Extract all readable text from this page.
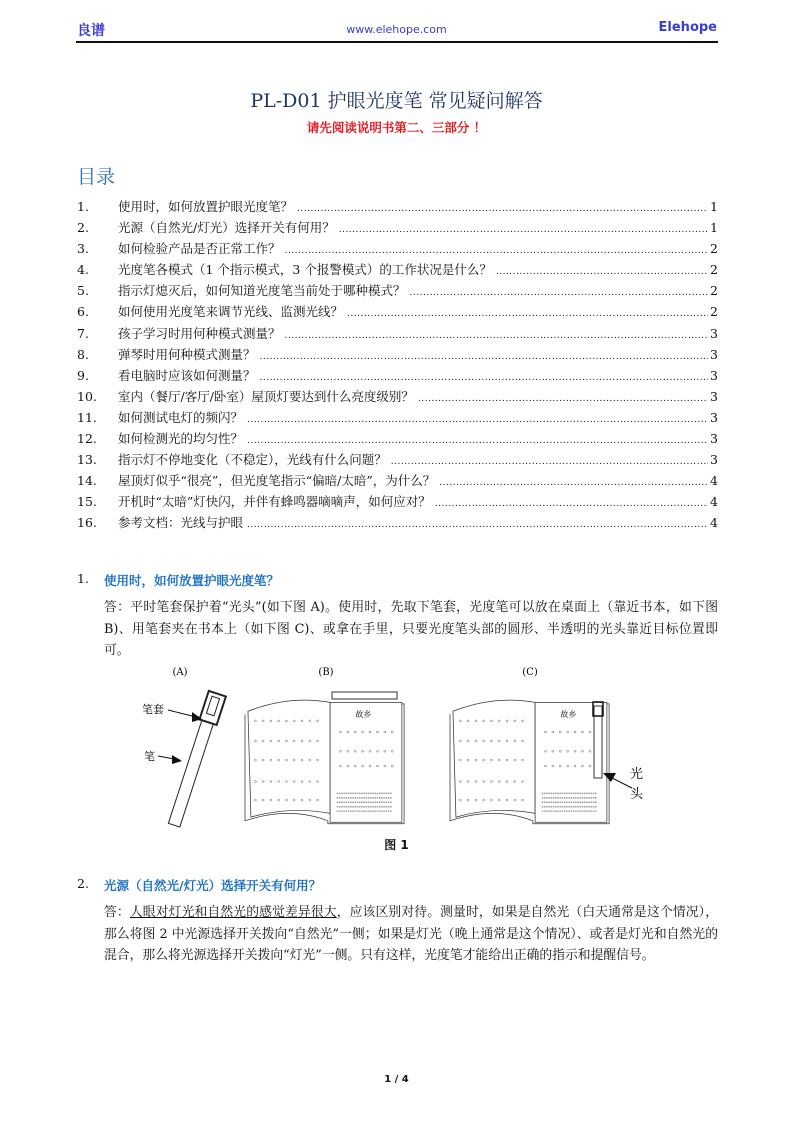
良谱	www.elehope.com	Elehope
PL-D01 护眼光度笔 常见疑问解答
请先阅读说明书第二、三部分 ！
目录
1.	使用时，如何放置护眼光度笔？ .....	1
2.	光源（自然光/灯光）选择开关有何用？ .....	1
3.	如何检验产品是否正常工作？ .....	2
4.	光度笔各模式（1 个指示模式，3 个报警模式）的工作状况是什么？ .....	2
5.	指示灯熄灭后，如何知道光度笔当前处于哪种模式？ .....	2
6.	如何使用光度笔来调节光线、监测光线？ .....	2
7.	孩子学习时用何种模式测量？ .....	3
8.	弹琴时用何种模式测量？ .....	3
9.	看电脑时应该如何测量？ .....	3
10.	室内（餐厅/客厅/卧室）屋顶灯要达到什么亮度级别？ .....	3
11.	如何测试电灯的频闪？ .....	3
12.	如何检测光的均匀性？ .....	3
13.	指示灯不停地变化（不稳定），光线有什么问题？ .....	3
14.	屋顶灯似乎“很亮”，但光度笔指示“偏暗/太暗”，为什么？ .....	4
15.	开机时“太暗”灯快闪，并伴有蜂鸣器嘀嘀声，如何应对？ .....	4
16.	参考文档：光线与护眼 .....	4
1.	使用时，如何放置护眼光度笔？
答：平时笔套保护着“光头”(如下图 A)。使用时，先取下笔套，光度笔可以放在桌面上（靠近书本，如下图 B)、用笔套夹在书本上（如下图 C)、或拿在手里，只要光度笔头部的圆形、半透明的光头靠近目标位置即可。
(A)	(B)	(C)
笔套
笔
故乡	故乡
光
头
图 1
2.	光源（自然光/灯光）选择开关有何用？
答：人眼对灯光和自然光的感觉差异很大，应该区别对待。测量时，如果是自然光（白天通常是这个情况），那么将图 2 中光源选择开关拨向“自然光”一侧；如果是灯光（晚上通常是这个情况）、或者是灯光和自然光的混合，那么将光源选择开关拨向“灯光”一侧。只有这样，光度笔才能给出正确的指示和提醒信号。
1 / 4
